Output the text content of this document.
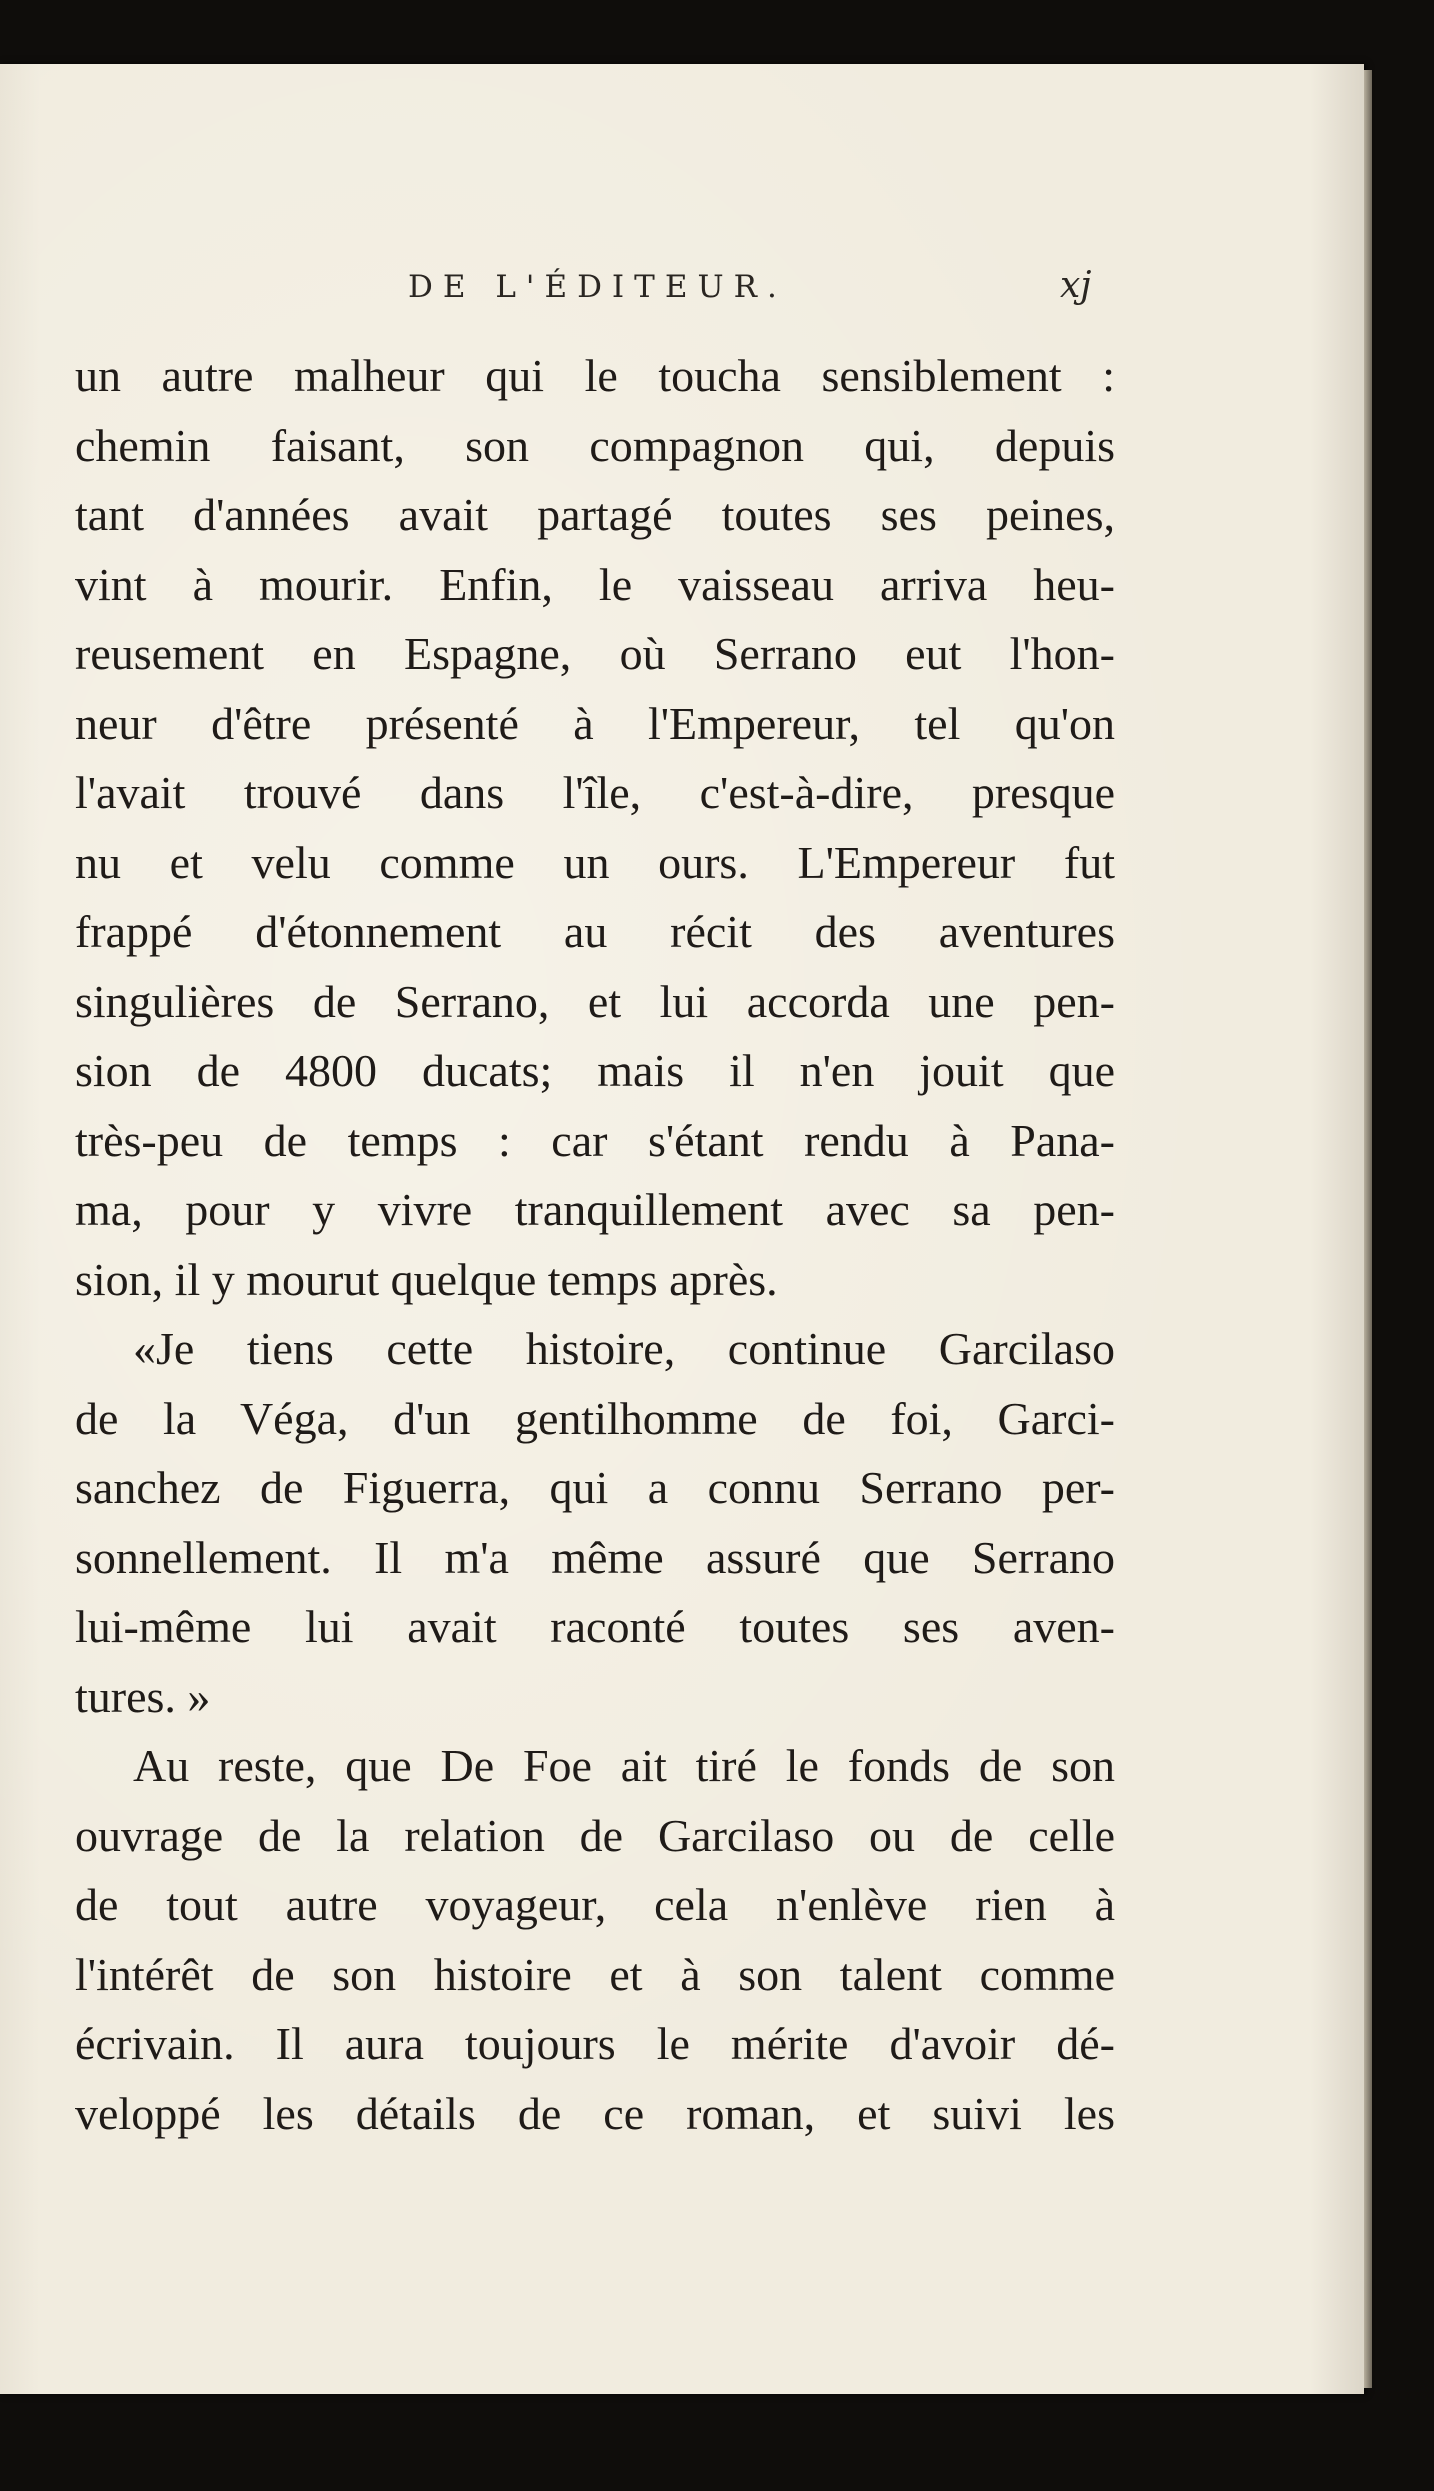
DE L'ÉDITEUR.	xj
un autre malheur qui le toucha sensiblement :
chemin faisant, son compagnon qui, depuis
tant d'années avait partagé toutes ses peines,
vint à mourir. Enfin, le vaisseau arriva heu-
reusement en Espagne, où Serrano eut l'hon-
neur d'être présenté à l'Empereur, tel qu'on
l'avait trouvé dans l'île, c'est-à-dire, presque
nu et velu comme un ours. L'Empereur fut
frappé d'étonnement au récit des aventures
singulières de Serrano, et lui accorda une pen-
sion de 4800 ducats; mais il n'en jouit que
très-peu de temps : car s'étant rendu à Pana-
ma, pour y vivre tranquillement avec sa pen-
sion, il y mourut quelque temps après.
«Je tiens cette histoire, continue Garcilaso
de la Véga, d'un gentilhomme de foi, Garci-
sanchez de Figuerra, qui a connu Serrano per-
sonnellement. Il m'a même assuré que Serrano
lui-même lui avait raconté toutes ses aven-
tures. »
Au reste, que De Foe ait tiré le fonds de son
ouvrage de la relation de Garcilaso ou de celle
de tout autre voyageur, cela n'enlève rien à
l'intérêt de son histoire et à son talent comme
écrivain. Il aura toujours le mérite d'avoir dé-
veloppé les détails de ce roman, et suivi les
